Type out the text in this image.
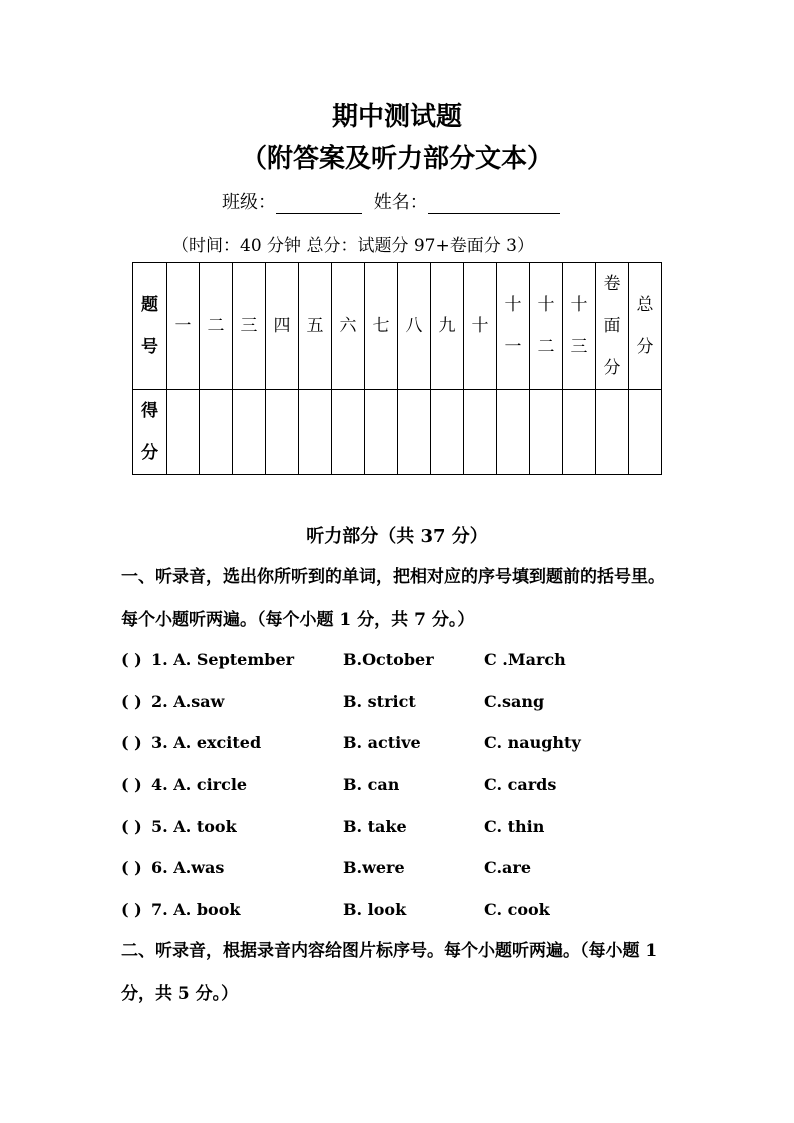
期中测试题
（附答案及听力部分文本）
班级：	姓名：
（时间：40 分钟 总分：试题分 97+卷面分 3）
题号	一	二	三	四	五	六	七	八	九	十	十一	十二	十三	卷面分	总分
得分															
听力部分（共 37 分）
一、听录音，选出你所听到的单词，把相对应的序号填到题前的括号里。每个小题听两遍。（每个小题 1 分，共 7 分。）
( ) 1. A. September	B.October	C .March
( ) 2. A.saw	B. strict	C.sang
( ) 3. A. excited	B. active	C. naughty
( ) 4. A. circle	B. can	C. cards
( ) 5. A. took	B. take	C. thin
( ) 6. A.was	B.were	C.are
( ) 7. A. book	B. look	C. cook
二、听录音，根据录音内容给图片标序号。每个小题听两遍。（每小题 1 分，共 5 分。）
